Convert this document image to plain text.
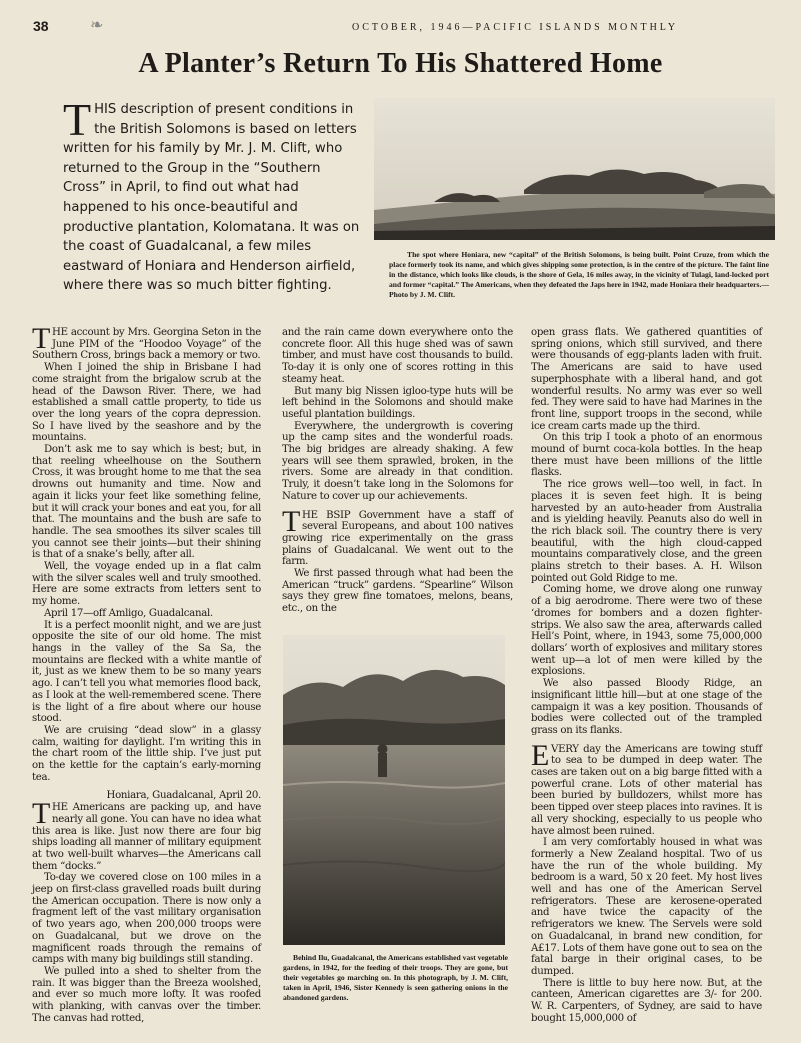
38	❧	OCTOBER, 1946—PACIFIC ISLANDS MONTHLY
A Planter’s Return To His Shattered Home

THIS description of present conditions in the British Solomons is based on letters written for his family by Mr. J. M. Clift, who returned to the Group in the “Southern Cross” in April, to find out what had happened to his once-beautiful and productive plantation, Kolomatana. It was on the coast of Guadalcanal, a few miles eastward of Honiara and Henderson airfield, where there was so much bitter fighting.

The spot where Honiara, new “capital” of the British Solomons, is being built. Point Cruze, from which the place formerly took its name, and which gives shipping some protection, is in the centre of the picture. The faint line in the distance, which looks like clouds, is the shore of Gela, 16 miles away, in the vicinity of Tulagi, land-locked port and former “capital.” The Americans, when they defeated the Japs here in 1942, made Honiara their headquarters.—Photo by J. M. Clift.

THE account by Mrs. Georgina Seton in the June PIM of the “Hoodoo Voyage” of the Southern Cross, brings back a memory or two.

When I joined the ship in Brisbane I had come straight from the brigalow scrub at the head of the Dawson River. There, we had established a small cattle property, to tide us over the long years of the copra depression. So I have lived by the seashore and by the mountains.

Don’t ask me to say which is best; but, in that reeling wheelhouse on the Southern Cross, it was brought home to me that the sea drowns out humanity and time. Now and again it licks your feet like something feline, but it will crack your bones and eat you, for all that. The mountains and the bush are safe to handle. The sea smoothes its silver scales till you cannot see their joints—but their shining is that of a snake’s belly, after all.

Well, the voyage ended up in a flat calm with the silver scales well and truly smoothed. Here are some extracts from letters sent to my home.

April 17—off Amligo, Guadalcanal.

It is a perfect moonlit night, and we are just opposite the site of our old home. The mist hangs in the valley of the Sa Sa, the mountains are flecked with a white mantle of it, just as we knew them to be so many years ago. I can’t tell you what memories flood back, as I look at the well-remembered scene. There is the light of a fire about where our house stood.

We are cruising “dead slow” in a glassy calm, waiting for daylight. I’m writing this in the chart room of the little ship. I’ve just put on the kettle for the captain’s early-morning tea.

Honiara, Guadalcanal, April 20.

THE Americans are packing up, and have nearly all gone. You can have no idea what this area is like. Just now there are four big ships loading all manner of military equipment at two well-built wharves—the Americans call them “docks.”

To-day we covered close on 100 miles in a jeep on first-class gravelled roads built during the American occupation. There is now only a fragment left of the vast military organisation of two years ago, when 200,000 troops were on Guadalcanal, but we drove on the magnificent roads through the remains of camps with many big buildings still standing.

We pulled into a shed to shelter from the rain. It was bigger than the Breeza woolshed, and ever so much more lofty. It was roofed with planking, with canvas over the timber. The canvas had rotted,

and the rain came down everywhere onto the concrete floor. All this huge shed was of sawn timber, and must have cost thousands to build. To-day it is only one of scores rotting in this steamy heat.

But many big Nissen igloo-type huts will be left behind in the Solomons and should make useful plantation buildings.

Everywhere, the undergrowth is covering up the camp sites and the wonderful roads. The big bridges are already shaking. A few years will see them sprawled, broken, in the rivers. Some are already in that condition. Truly, it doesn’t take long in the Solomons for Nature to cover up our achievements.

THE BSIP Government have a staff of several Europeans, and about 100 natives growing rice experimentally on the grass plains of Guadalcanal. We went out to the farm.

We first passed through what had been the American “truck” gardens. “Spearline” Wilson says they grew fine tomatoes, melons, beans, etc., on the

Behind Ilu, Guadalcanal, the Americans established vast vegetable gardens, in 1942, for the feeding of their troops. They are gone, but their vegetables go marching on. In this photograph, by J. M. Clift, taken in April, 1946, Sister Kennedy is seen gathering onions in the abandoned gardens.

open grass flats. We gathered quantities of spring onions, which still survived, and there were thousands of egg-plants laden with fruit. The Americans are said to have used superphosphate with a liberal hand, and got wonderful results. No army was ever so well fed. They were said to have had Marines in the front line, support troops in the second, while ice cream carts made up the third.

On this trip I took a photo of an enormous mound of burnt coca-kola bottles. In the heap there must have been millions of the little flasks.

The rice grows well—too well, in fact. In places it is seven feet high. It is being harvested by an auto-header from Australia and is yielding heavily. Peanuts also do well in the rich black soil. The country there is very beautiful, with the high cloud-capped mountains comparatively close, and the green plains stretch to their bases. A. H. Wilson pointed out Gold Ridge to me.

Coming home, we drove along one runway of a big aerodrome. There were two of these ‘dromes for bombers and a dozen fighter-strips. We also saw the area, afterwards called Hell’s Point, where, in 1943, some 75,000,000 dollars’ worth of explosives and military stores went up—a lot of men were killed by the explosions.

We also passed Bloody Ridge, an insignificant little hill—but at one stage of the campaign it was a key position. Thousands of bodies were collected out of the trampled grass on its flanks.

EVERY day the Americans are towing stuff to sea to be dumped in deep water. The cases are taken out on a big barge fitted with a powerful crane. Lots of other material has been buried by bulldozers, whilst more has been tipped over steep places into ravines. It is all very shocking, especially to us people who have almost been ruined.

I am very comfortably housed in what was formerly a New Zealand hospital. Two of us have the run of the whole building. My bedroom is a ward, 50 x 20 feet. My host lives well and has one of the American Servel refrigerators. These are kerosene-operated and have twice the capacity of the refrigerators we knew. The Servels were sold on Guadalcanal, in brand new condition, for A£17. Lots of them have gone out to sea on the fatal barge in their original cases, to be dumped.

There is little to buy here now. But, at the canteen, American cigarettes are 3/- for 200. W. R. Carpenters, of Sydney, are said to have bought 15,000,000 of
